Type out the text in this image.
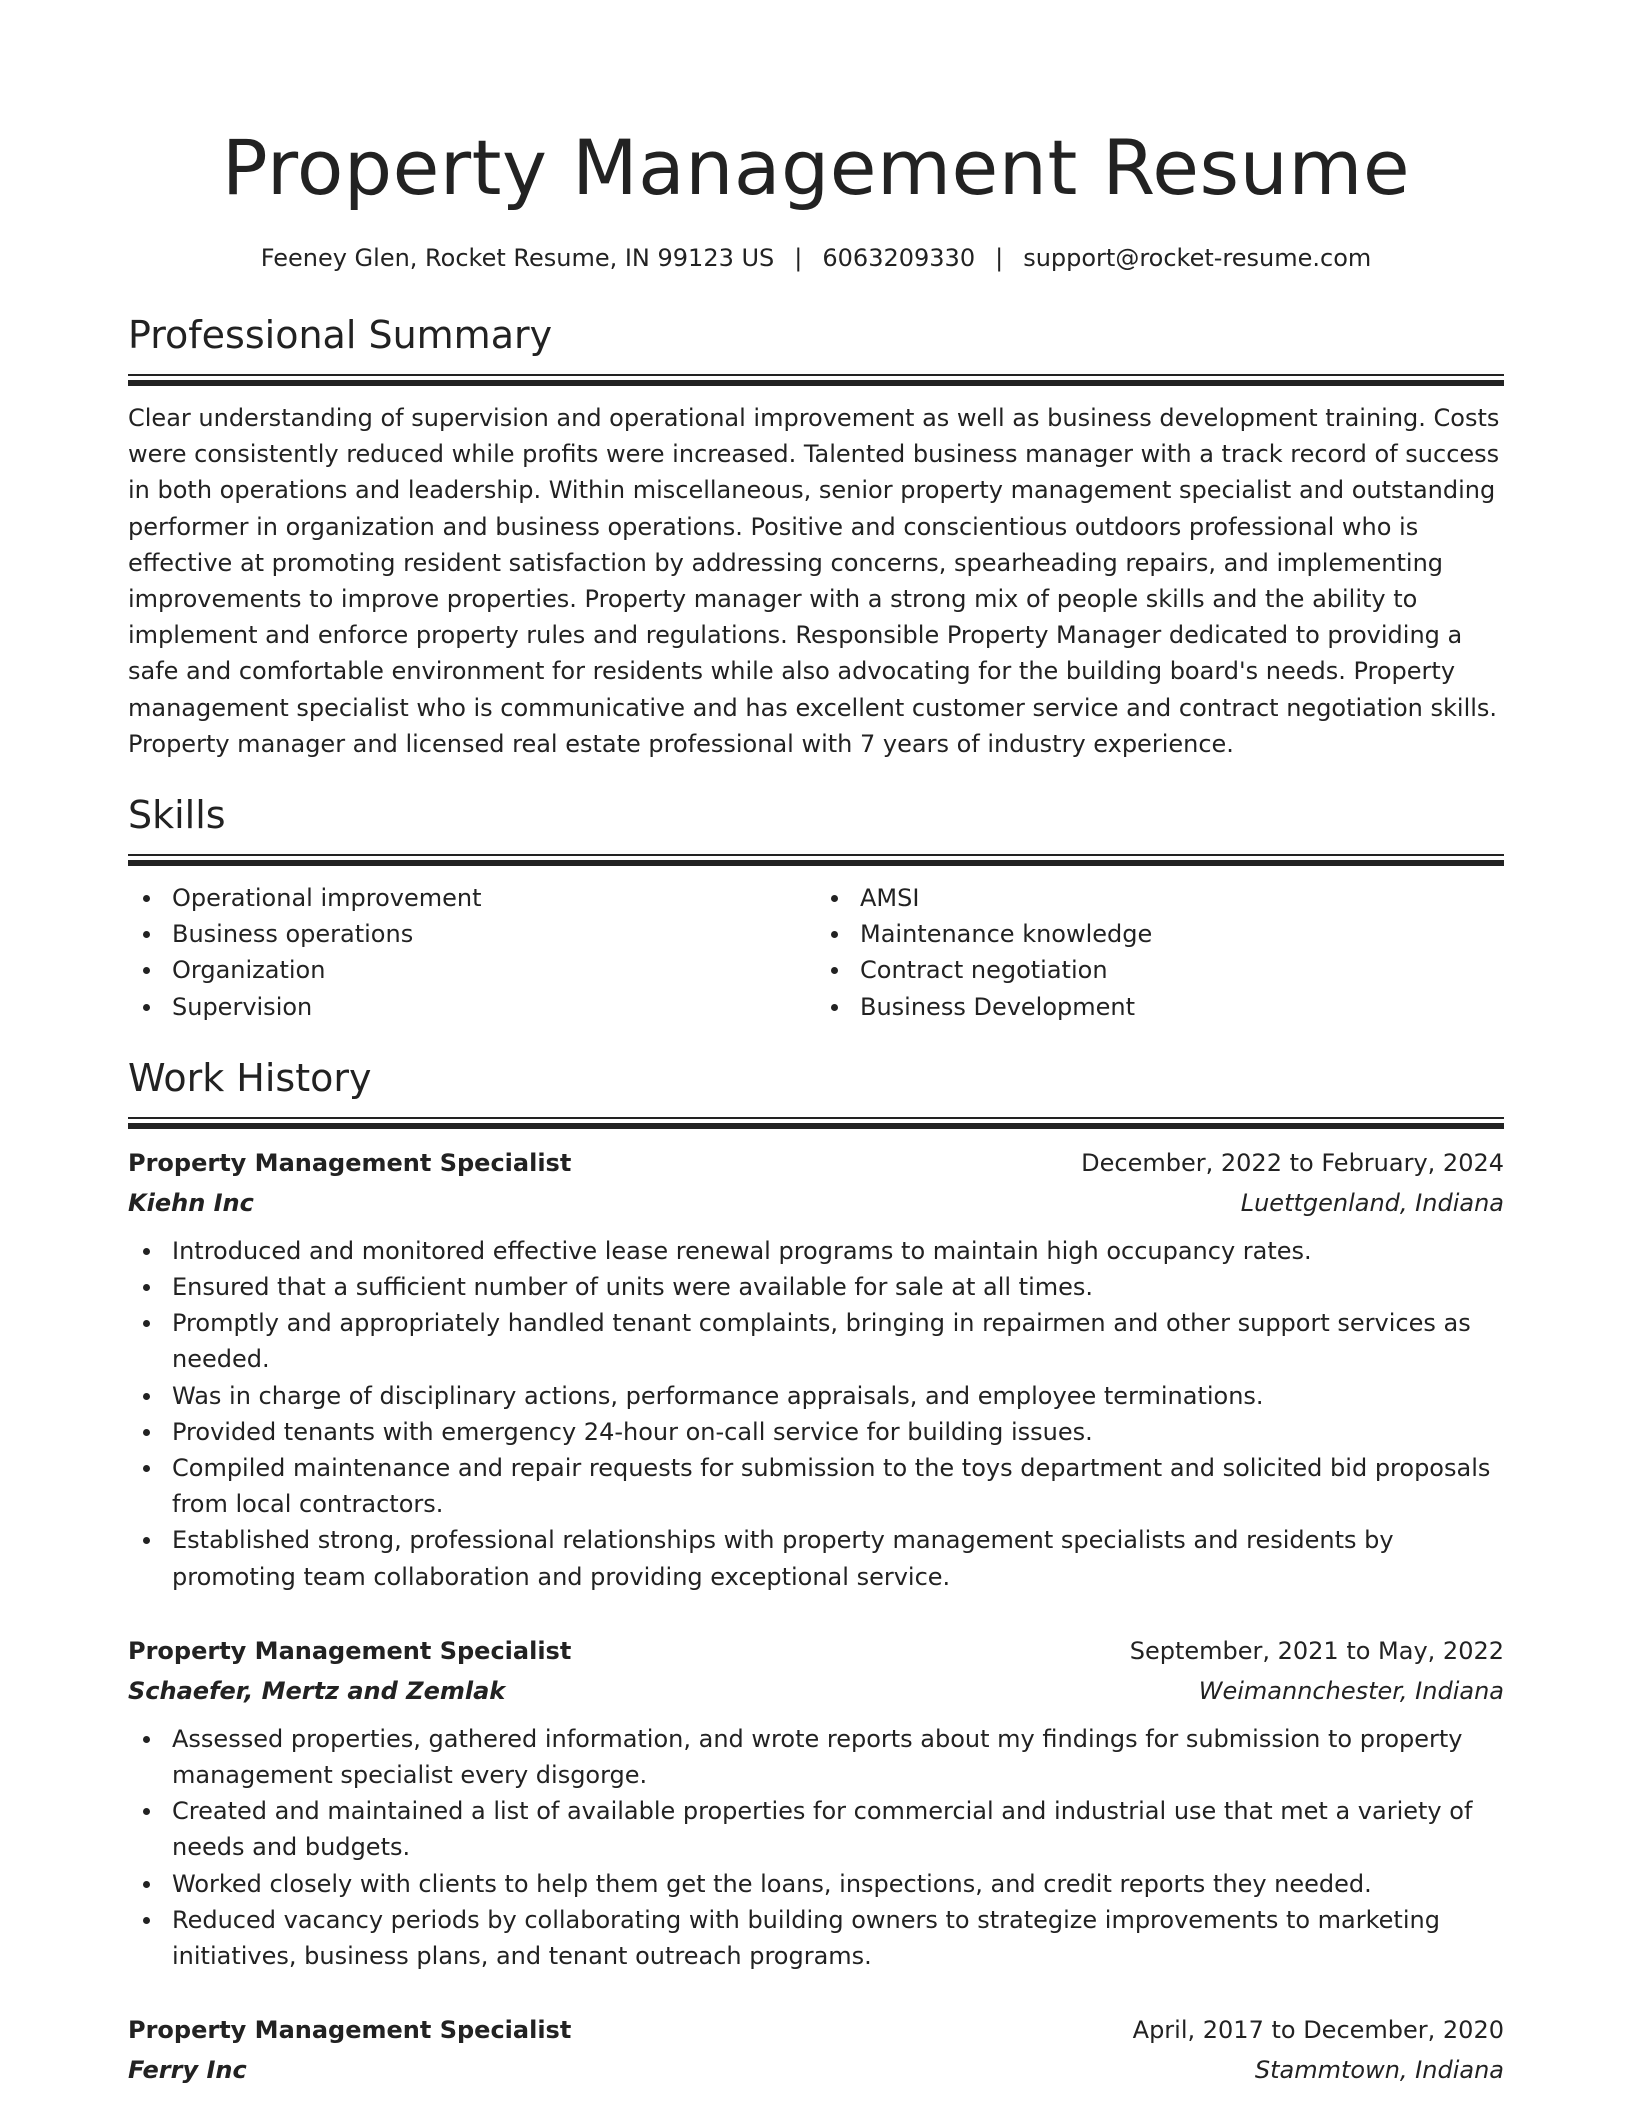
Property Management Resume
Feeney Glen, Rocket Resume, IN 99123 US | 6063209330 | support@rocket-resume.com
Professional Summary

Clear understanding of supervision and operational improvement as well as business development training. Costs were consistently reduced while profits were increased. Talented business manager with a track record of success in both operations and leadership. Within miscellaneous, senior property management specialist and outstanding performer in organization and business operations. Positive and conscientious outdoors professional who is effective at promoting resident satisfaction by addressing concerns, spearheading repairs, and implementing improvements to improve properties. Property manager with a strong mix of people skills and the ability to implement and enforce property rules and regulations. Responsible Property Manager dedicated to providing a safe and comfortable environment for residents while also advocating for the building board's needs. Property management specialist who is communicative and has excellent customer service and contract negotiation skills. Property manager and licensed real estate professional with 7 years of industry experience.

Skills
Operational improvement
Business operations
Organization
Supervision
AMSI
Maintenance knowledge
Contract negotiation
Business Development
Work History
Property Management Specialist	December, 2022 to February, 2024
Kiehn Inc	Luettgenland, Indiana
Introduced and monitored effective lease renewal programs to maintain high occupancy rates.
Ensured that a sufficient number of units were available for sale at all times.
Promptly and appropriately handled tenant complaints, bringing in repairmen and other support services as needed.
Was in charge of disciplinary actions, performance appraisals, and employee terminations.
Provided tenants with emergency 24-hour on-call service for building issues.
Compiled maintenance and repair requests for submission to the toys department and solicited bid proposals from local contractors.
Established strong, professional relationships with property management specialists and residents by promoting team collaboration and providing exceptional service.
Property Management Specialist	September, 2021 to May, 2022
Schaefer, Mertz and Zemlak	Weimannchester, Indiana
Assessed properties, gathered information, and wrote reports about my findings for submission to property management specialist every disgorge.
Created and maintained a list of available properties for commercial and industrial use that met a variety of needs and budgets.
Worked closely with clients to help them get the loans, inspections, and credit reports they needed.
Reduced vacancy periods by collaborating with building owners to strategize improvements to marketing initiatives, business plans, and tenant outreach programs.
Property Management Specialist	April, 2017 to December, 2020
Ferry Inc	Stammtown, Indiana
